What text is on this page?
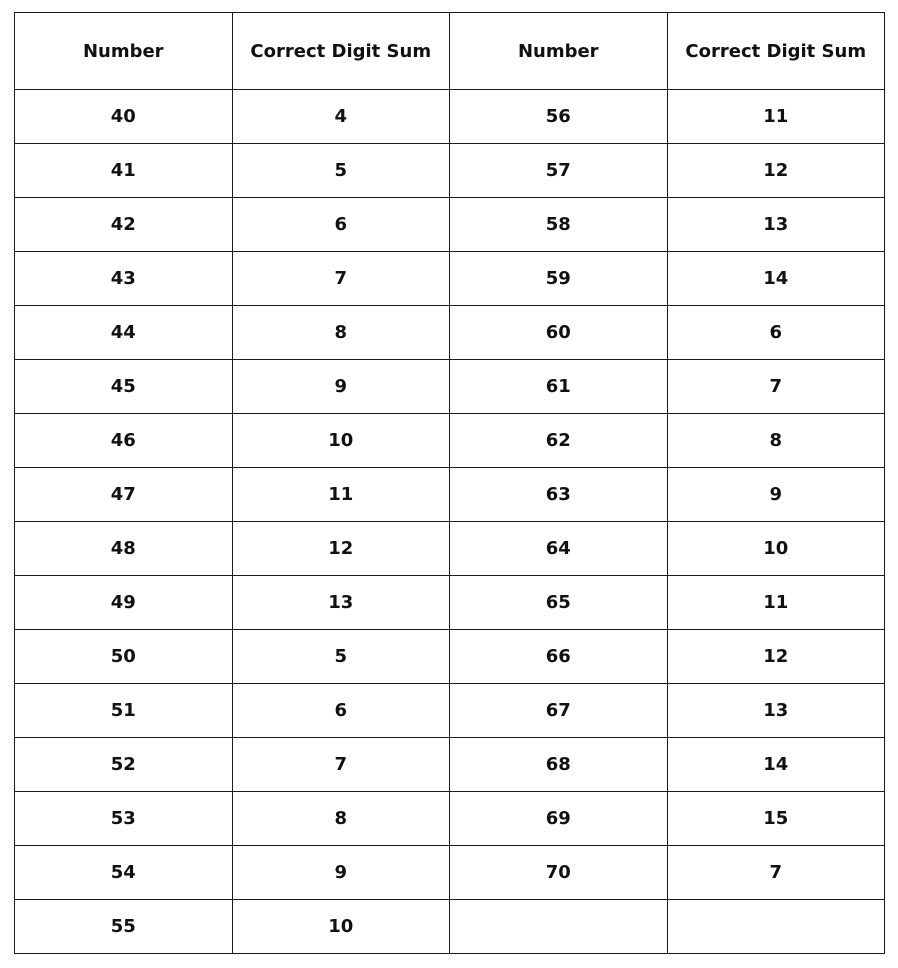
Number	Correct Digit Sum	Number	Correct Digit Sum
40	4	56	11
41	5	57	12
42	6	58	13
43	7	59	14
44	8	60	6
45	9	61	7
46	10	62	8
47	11	63	9
48	12	64	10
49	13	65	11
50	5	66	12
51	6	67	13
52	7	68	14
53	8	69	15
54	9	70	7
55	10		
